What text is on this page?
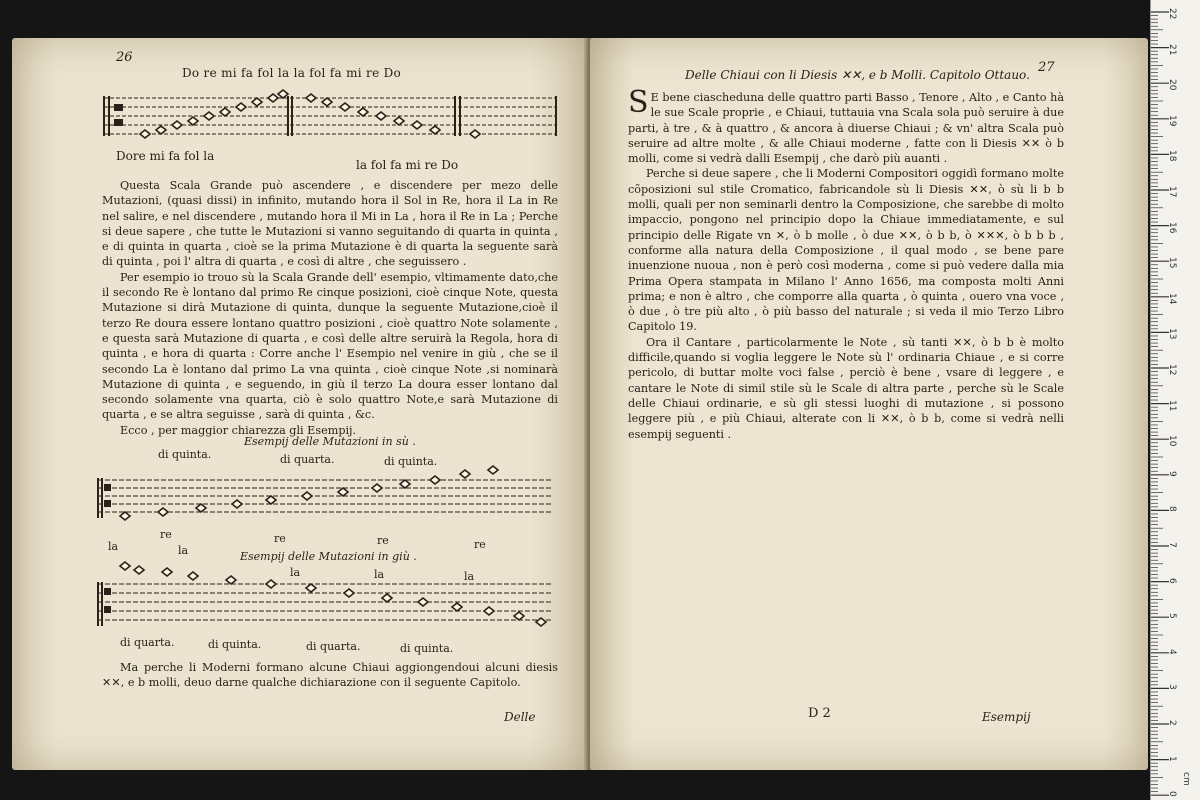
26
Do re mi fa fol la la fol fa mi re Do
Dore mi fa fol la
la fol fa mi re Do

Questa Scala Grande può ascendere , e discendere per mezo delle Mutazioni, (quasi dissi) in infinito, mutando hora il Sol in Re, hora il La in Re nel salire, e nel discendere , mutando hora il Mi in La , hora il Re in La ; Perche si deue sapere , che tutte le Mutazioni si vanno seguitando di quarta in quinta , e di quinta in quarta , cioè se la prima Mutazione è di quarta la seguente sarà di quinta , poi l' altra di quarta , e così di altre , che seguissero .

Per esempio io trouo sù la Scala Grande dell' esempio, vltimamente dato,che il secondo Re è lontano dal primo Re cinque posizioni, cioè cinque Note, questa Mutazione si dirà Mutazione di quinta, dunque la seguente Mutazione,cioè il terzo Re doura essere lontano quattro posizioni , cioè quattro Note solamente , e questa sarà Mutazione di quarta , e così delle altre seruirà la Regola, hora di quinta , e hora di quarta : Corre anche l' Esempio nel venire in giù , che se il secondo La è lontano dal primo La vna quinta , cioè cinque Note ,si nominarà Mutazione di quinta , e seguendo, in giù il terzo La doura esser lontano dal secondo solamente vna quarta, ciò è solo quattro Note,e sarà Mutazione di quarta , e se altra seguisse , sarà di quinta , &c.

Ecco , per maggior chiarezza gli Esempij.

Esempij delle Mutazioni in sù .
di quinta.	di quarta.	di quinta.
re	re	re	re
la	la	Esempij delle Mutazioni in giù .
la	la	la
di quarta.	di quinta.	di quarta.	di quinta.

Ma perche li Moderni formano alcune Chiaui aggiongendoui alcuni diesis ✕✕, e b molli, deuo darne qualche dichiarazione con il seguente Capitolo.

Delle
Delle Chiaui con li Diesis ✕✕, e b Molli. Capitolo Ottauo. 27

S E bene ciascheduna delle quattro parti Basso , Tenore , Alto , e Canto hà le sue Scale proprie , e Chiaui, tuttauia vna Scala sola può seruire à due parti, à tre , & à quattro , & ancora à diuerse Chiaui ; & vn' altra Scala può seruire ad altre molte , & alle Chiaui moderne , fatte con li Diesis ✕✕ ò b molli, come si vedrà dalli Esempij , che darò più auanti .

Perche si deue sapere , che li Moderni Compositori oggidì formano molte cõposizioni sul stile Cromatico, fabricandole sù li Diesis ✕✕, ò sù li b b molli, quali per non seminarli dentro la Composizione, che sarebbe di molto impaccio, pongono nel principio dopo la Chiaue immediatamente, e sul principio delle Rigate vn ✕, ò b molle , ò due ✕✕, ò b b, ò ✕✕✕, ò b b b , conforme alla natura della Composizione , il qual modo , se bene pare inuenzione nuoua , non è però così moderna , come si può vedere dalla mia Prima Opera stampata in Milano l' Anno 1656, ma composta molti Anni prima; e non è altro , che comporre alla quarta , ò quinta , ouero vna voce , ò due , ò tre più alto , ò più basso del naturale ; si veda il mio Terzo Libro Capitolo 19.

Ora il Cantare , particolarmente le Note , sù tanti ✕✕, ò b b è molto difficile,quando si voglia leggere le Note sù l' ordinaria Chiaue , e si corre pericolo, di buttar molte voci false , perciò è bene , vsare di leggere , e cantare le Note di simil stile sù le Scale di altra parte , perche sù le Scale delle Chiaui ordinarie, e sù gli stessi luoghi di mutazione , si possono leggere più , e più Chiaui, alterate con li ✕✕, ò b b, come si vedrà nelli esempij seguenti .

D 2	Esempij
22
21
20
19
18
17
16
15
14
13
12
11
10
9
8
7
6
5
4
3
2
1
0
cm
